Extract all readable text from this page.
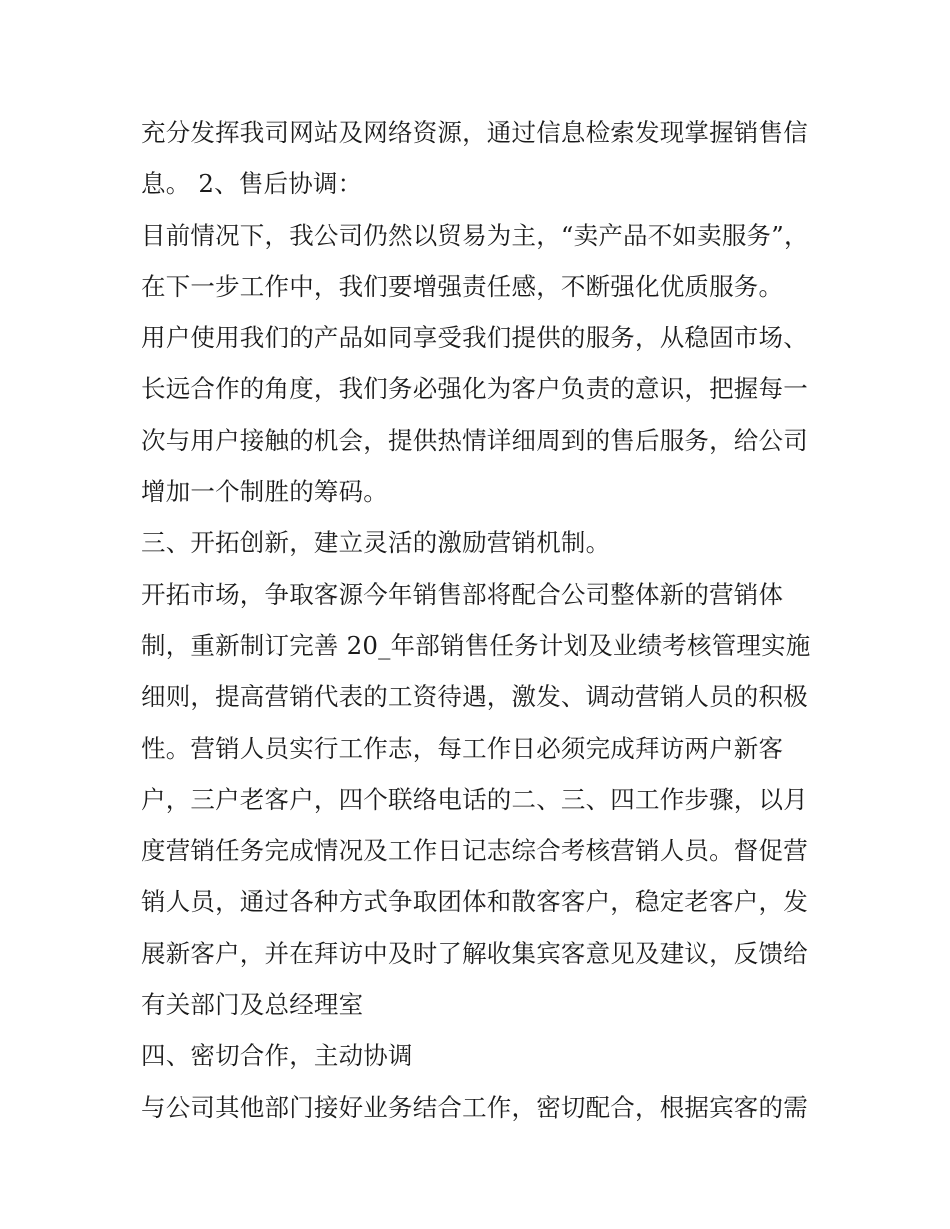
充分发挥我司网站及网络资源，通过信息检索发现掌握销售信
息。 2、售后协调：
目前情况下，我公司仍然以贸易为主，“卖产品不如卖服务”，
在下一步工作中，我们要增强责任感，不断强化优质服务。
用户使用我们的产品如同享受我们提供的服务，从稳固市场、
长远合作的角度，我们务必强化为客户负责的意识，把握每一
次与用户接触的机会，提供热情详细周到的售后服务，给公司
增加一个制胜的筹码。
三、开拓创新，建立灵活的激励营销机制。
开拓市场，争取客源今年销售部将配合公司整体新的营销体
制，重新制订完善 20_年部销售任务计划及业绩考核管理实施
细则，提高营销代表的工资待遇，激发、调动营销人员的积极
性。营销人员实行工作志，每工作日必须完成拜访两户新客
户，三户老客户，四个联络电话的二、三、四工作步骤，以月
度营销任务完成情况及工作日记志综合考核营销人员。督促营
销人员，通过各种方式争取团体和散客客户，稳定老客户，发
展新客户，并在拜访中及时了解收集宾客意见及建议，反馈给
有关部门及总经理室
四、密切合作，主动协调
与公司其他部门接好业务结合工作，密切配合，根据宾客的需
